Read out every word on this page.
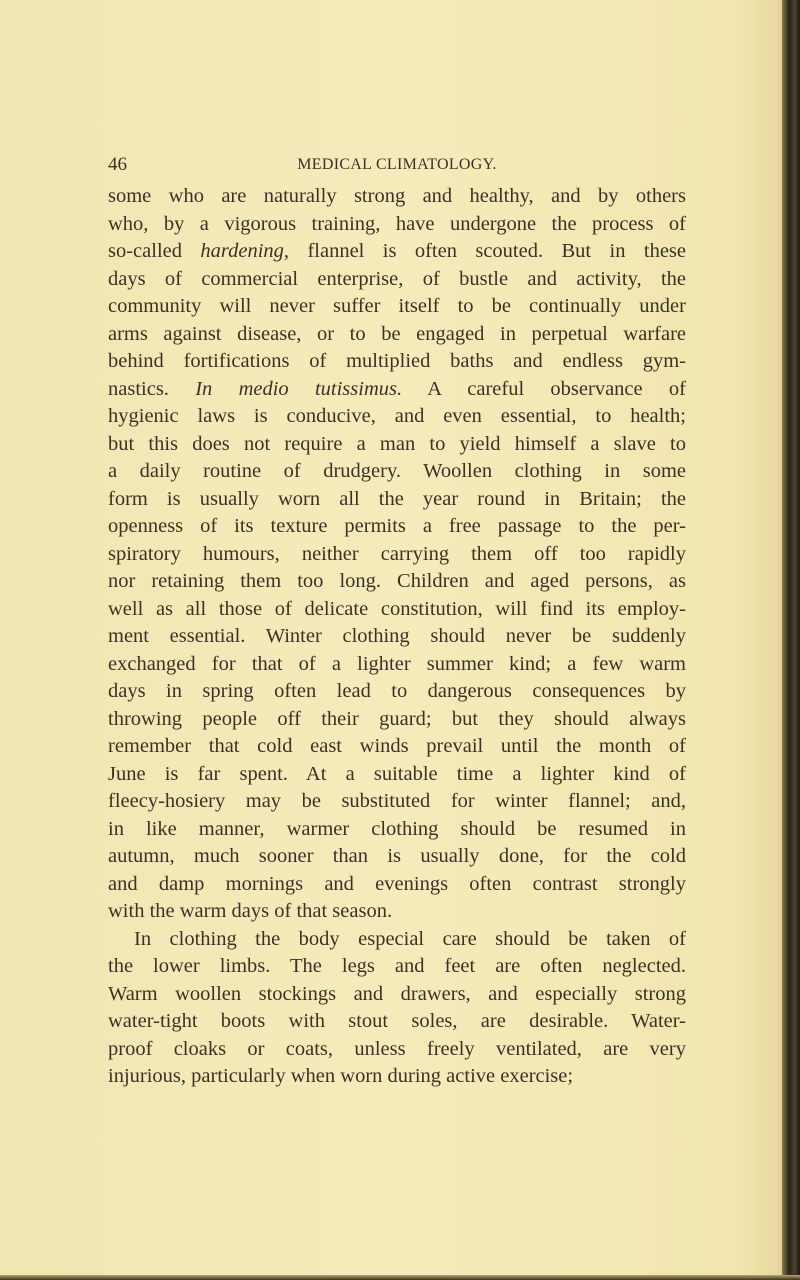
46	MEDICAL CLIMATOLOGY.
some who are naturally strong and healthy, and by others
who, by a vigorous training, have undergone the process of
so-called hardening, flannel is often scouted. But in these
days of commercial enterprise, of bustle and activity, the
community will never suffer itself to be continually under
arms against disease, or to be engaged in perpetual warfare
behind fortifications of multiplied baths and endless gym-
nastics. In medio tutissimus. A careful observance of
hygienic laws is conducive, and even essential, to health;
but this does not require a man to yield himself a slave to
a daily routine of drudgery. Woollen clothing in some
form is usually worn all the year round in Britain; the
openness of its texture permits a free passage to the per-
spiratory humours, neither carrying them off too rapidly
nor retaining them too long. Children and aged persons, as
well as all those of delicate constitution, will find its employ-
ment essential. Winter clothing should never be suddenly
exchanged for that of a lighter summer kind; a few warm
days in spring often lead to dangerous consequences by
throwing people off their guard; but they should always
remember that cold east winds prevail until the month of
June is far spent. At a suitable time a lighter kind of
fleecy-hosiery may be substituted for winter flannel; and,
in like manner, warmer clothing should be resumed in
autumn, much sooner than is usually done, for the cold
and damp mornings and evenings often contrast strongly
with the warm days of that season.
In clothing the body especial care should be taken of
the lower limbs. The legs and feet are often neglected.
Warm woollen stockings and drawers, and especially strong
water-tight boots with stout soles, are desirable. Water-
proof cloaks or coats, unless freely ventilated, are very
injurious, particularly when worn during active exercise;
